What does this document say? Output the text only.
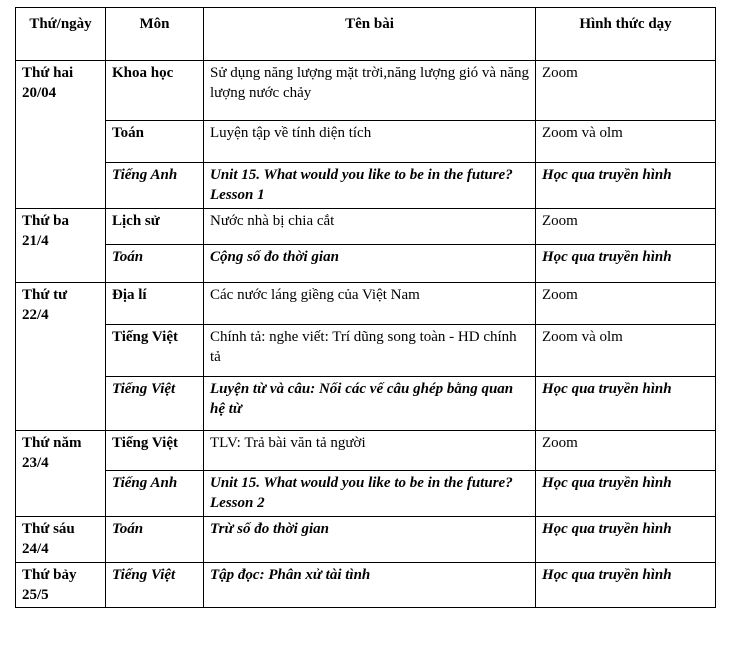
Thứ/ngày	Môn	Tên bài	Hình thức dạy

Thứ hai
20/04	Khoa học	Sử dụng năng lượng mặt trời,năng lượng gió và năng lượng nước chảy	Zoom
	Toán	Luyện tập về tính diện tích	Zoom và olm
	Tiếng Anh	Unit 15. What would you like to be in the future? Lesson 1	Học qua truyền hình

Thứ ba
21/4	Lịch sử	Nước nhà bị chia cắt	Zoom
	Toán	Cộng số đo thời gian	Học qua truyền hình

Thứ tư
22/4	Địa lí	Các nước láng giềng của Việt Nam	Zoom
	Tiếng Việt	Chính tả: nghe viết: Trí dũng song toàn - HD chính tả	Zoom và olm
	Tiếng Việt	Luyện từ và câu: Nối các vế câu ghép bằng quan hệ từ	Học qua truyền hình

Thứ năm
23/4	Tiếng Việt	TLV: Trả bài văn tả người	Zoom
	Tiếng Anh	Unit 15. What would you like to be in the future? Lesson 2	Học qua truyền hình

Thứ sáu
24/4	Toán	Trừ số đo thời gian	Học qua truyền hình

Thứ bảy
25/5	Tiếng Việt	Tập đọc: Phân xử tài tình	Học qua truyền hình
